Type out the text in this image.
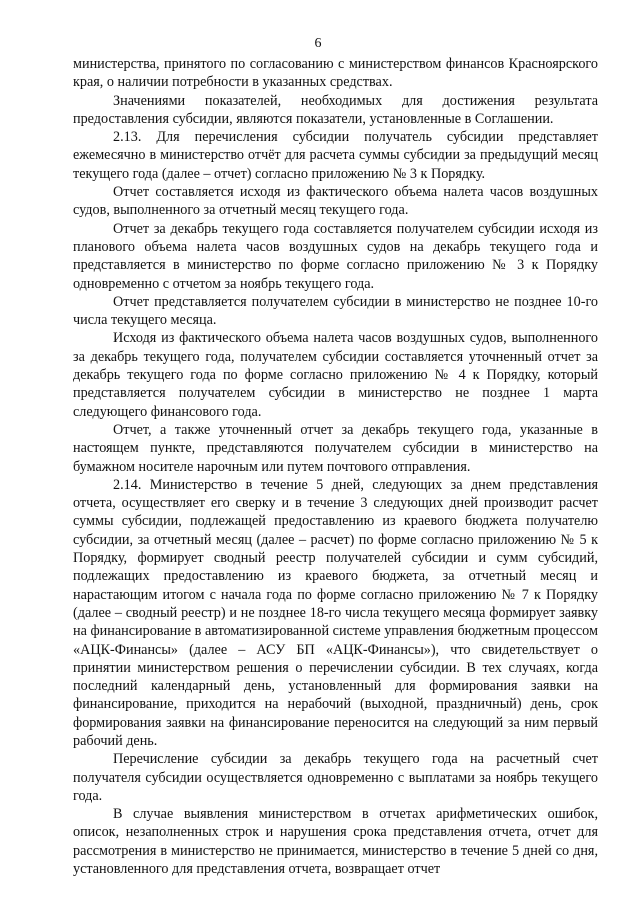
6

министерства, принятого по согласованию с министерством финансов Красноярского края, о наличии потребности в указанных средствах.

Значениями показателей, необходимых для достижения результата предоставления субсидии, являются показатели, установленные в Соглашении.

2.13. Для перечисления субсидии получатель субсидии представляет ежемесячно в министерство отчёт для расчета суммы субсидии за предыдущий месяц текущего года (далее – отчет) согласно приложению № 3 к Порядку.

Отчет составляется исходя из фактического объема налета часов воздушных судов, выполненного за отчетный месяц текущего года.

Отчет за декабрь текущего года составляется получателем субсидии исходя из планового объема налета часов воздушных судов на декабрь текущего года и представляется в министерство по форме согласно приложению № 3 к Порядку одновременно с отчетом за ноябрь текущего года.

Отчет представляется получателем субсидии в министерство не позднее 10-го числа текущего месяца.

Исходя из фактического объема налета часов воздушных судов, выполненного за декабрь текущего года, получателем субсидии составляется уточненный отчет за декабрь текущего года по форме согласно приложению № 4 к Порядку, который представляется получателем субсидии в министерство не позднее 1 марта следующего финансового года.

Отчет, а также уточненный отчет за декабрь текущего года, указанные в настоящем пункте, представляются получателем субсидии в министерство на бумажном носителе нарочным или путем почтового отправления.

2.14. Министерство в течение 5 дней, следующих за днем представления отчета, осуществляет его сверку и в течение 3 следующих дней производит расчет суммы субсидии, подлежащей предоставлению из краевого бюджета получателю субсидии, за отчетный месяц (далее – расчет) по форме согласно приложению № 5 к Порядку, формирует сводный реестр получателей субсидии и сумм субсидий, подлежащих предоставлению из краевого бюджета, за отчетный месяц и нарастающим итогом с начала года по форме согласно приложению № 7 к Порядку (далее – сводный реестр) и не позднее 18-го числа текущего месяца формирует заявку на финансирование в автоматизированной системе управления бюджетным процессом «АЦК-Финансы» (далее – АСУ БП «АЦК-Финансы»), что свидетельствует о принятии министерством решения о перечислении субсидии. В тех случаях, когда последний календарный день, установленный для формирования заявки на финансирование, приходится на нерабочий (выходной, праздничный) день, срок формирования заявки на финансирование переносится на следующий за ним первый рабочий день.

Перечисление субсидии за декабрь текущего года на расчетный счет получателя субсидии осуществляется одновременно с выплатами за ноябрь текущего года.

В случае выявления министерством в отчетах арифметических ошибок, описок, незаполненных строк и нарушения срока представления отчета, отчет для рассмотрения в министерство не принимается, министерство в течение 5 дней со дня, установленного для представления отчета, возвращает отчет
